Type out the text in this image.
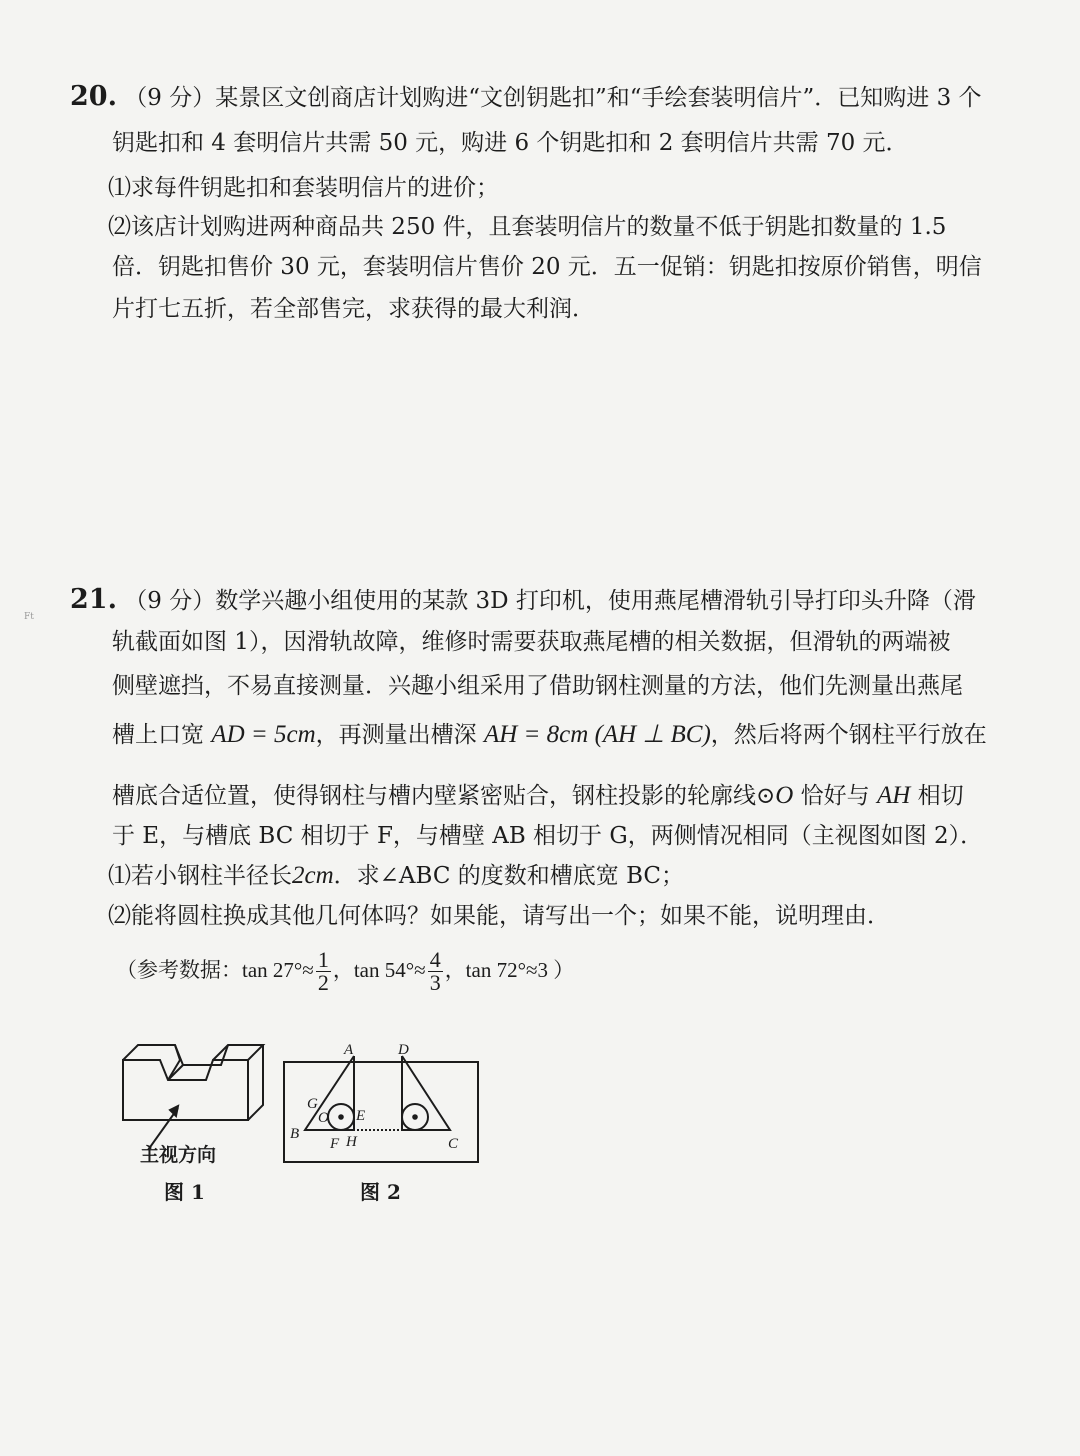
20. （9 分）某景区文创商店计划购进“文创钥匙扣”和“手绘套装明信片”．已知购进 3 个
钥匙扣和 4 套明信片共需 50 元，购进 6 个钥匙扣和 2 套明信片共需 70 元．
⑴求每件钥匙扣和套装明信片的进价；
⑵该店计划购进两种商品共 250 件，且套装明信片的数量不低于钥匙扣数量的 1.5
倍．钥匙扣售价 30 元，套装明信片售价 20 元．五一促销：钥匙扣按原价销售，明信
片打七五折，若全部售完，求获得的最大利润．
Ft
21. （9 分）数学兴趣小组使用的某款 3D 打印机，使用燕尾槽滑轨引导打印头升降（滑
轨截面如图 1），因滑轨故障，维修时需要获取燕尾槽的相关数据，但滑轨的两端被
侧壁遮挡，不易直接测量．兴趣小组采用了借助钢柱测量的方法，他们先测量出燕尾
槽上口宽 AD = 5cm，再测量出槽深 AH = 8cm (AH ⊥ BC)，然后将两个钢柱平行放在
槽底合适位置，使得钢柱与槽内壁紧密贴合，钢柱投影的轮廓线⊙O 恰好与 AH 相切
于 E，与槽底 BC 相切于 F，与槽壁 AB 相切于 G，两侧情况相同（主视图如图 2）．
⑴若小钢柱半径长2cm．求∠ABC 的度数和槽底宽 BC；
⑵能将圆柱换成其他几何体吗？如果能，请写出一个；如果不能，说明理由．
（参考数据：$\tan 27^\circ\approx \frac{1}{2}$ ，$\tan 54^\circ\approx \frac{4}{3}$ ，tan 72°≈3 ）
主视方向
图 1
A	D
G
O E
B
F H	C
图 2
